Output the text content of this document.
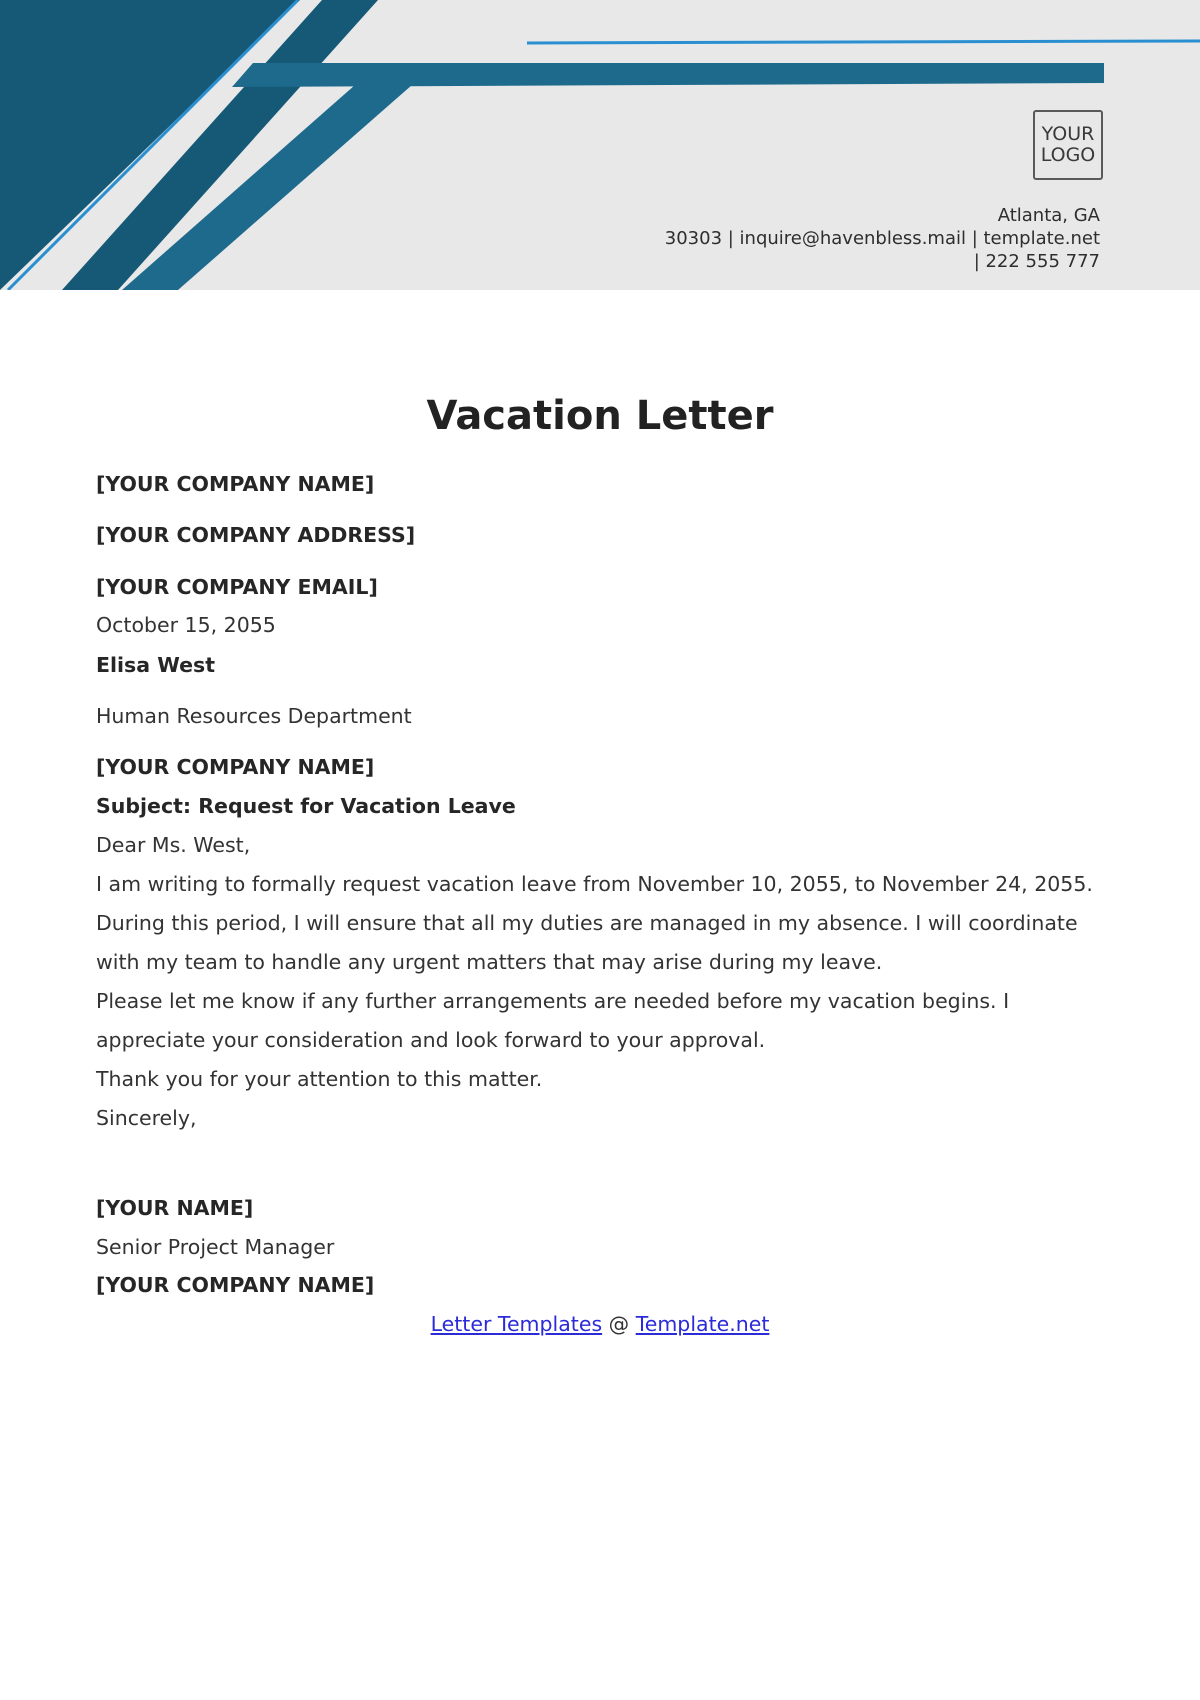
YOUR
LOGO
Atlanta, GA
30303 | inquire@havenbless.mail | template.net
| 222 555 777
Vacation Letter
[YOUR COMPANY NAME]
[YOUR COMPANY ADDRESS]
[YOUR COMPANY EMAIL]
October 15, 2055
Elisa West
Human Resources Department
[YOUR COMPANY NAME]
Subject: Request for Vacation Leave
Dear Ms. West,
I am writing to formally request vacation leave from November 10, 2055, to November 24, 2055.
During this period, I will ensure that all my duties are managed in my absence. I will coordinate
with my team to handle any urgent matters that may arise during my leave.
Please let me know if any further arrangements are needed before my vacation begins. I
appreciate your consideration and look forward to your approval.
Thank you for your attention to this matter.
Sincerely,
[YOUR NAME]
Senior Project Manager
[YOUR COMPANY NAME]
Letter Templates @ Template.net
